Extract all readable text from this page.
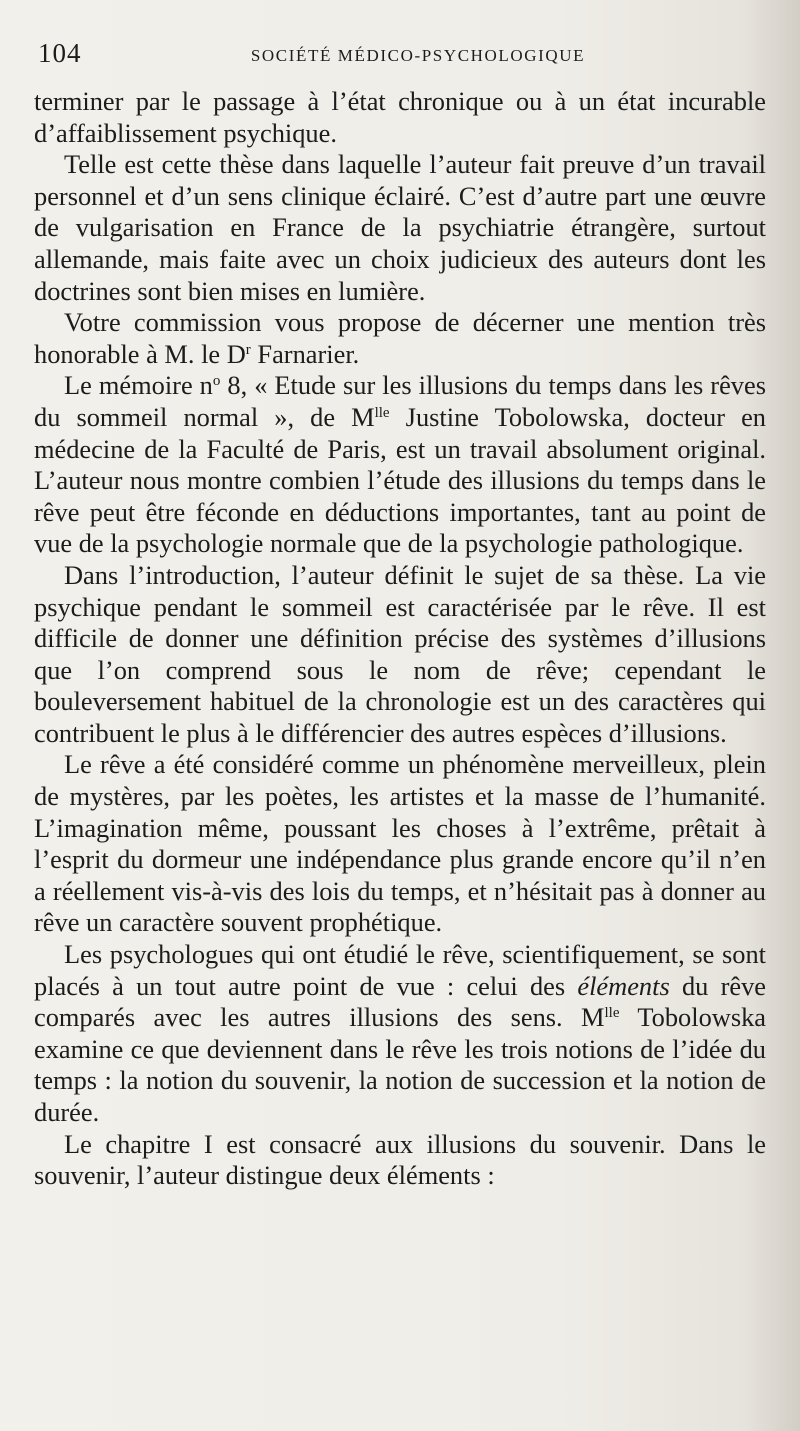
104	SOCIÉTÉ MÉDICO-PSYCHOLOGIQUE

terminer par le passage à l’état chronique ou à un état incurable d’affaiblissement psychique.

Telle est cette thèse dans laquelle l’auteur fait preuve d’un travail personnel et d’un sens clinique éclairé. C’est d’autre part une œuvre de vulgarisation en France de la psychiatrie étrangère, surtout allemande, mais faite avec un choix judicieux des auteurs dont les doctrines sont bien mises en lumière.

Votre commission vous propose de décerner une mention très honorable à M. le $D^r$ Farnarier.

Le mémoire $n^o$ 8, « Etude sur les illusions du temps dans les rêves du sommeil normal », de $M^{lle}$ Justine Tobolowska, docteur en médecine de la Faculté de Paris, est un travail absolument original. L’auteur nous montre combien l’étude des illusions du temps dans le rêve peut être féconde en déductions importantes, tant au point de vue de la psychologie normale que de la psychologie pathologique.

Dans l’introduction, l’auteur définit le sujet de sa thèse. La vie psychique pendant le sommeil est caractérisée par le rêve. Il est difficile de donner une définition précise des systèmes d’illusions que l’on comprend sous le nom de rêve; cependant le bouleversement habituel de la chronologie est un des caractères qui contribuent le plus à le différencier des autres espèces d’illusions.

Le rêve a été considéré comme un phénomène merveilleux, plein de mystères, par les poètes, les artistes et la masse de l’humanité. L’imagination même, poussant les choses à l’extrême, prêtait à l’esprit du dormeur une indépendance plus grande encore qu’il n’en a réellement vis-à-vis des lois du temps, et n’hésitait pas à donner au rêve un caractère souvent prophétique.

Les psychologues qui ont étudié le rêve, scientifiquement, se sont placés à un tout autre point de vue : celui des éléments du rêve comparés avec les autres illusions des sens. $M^{lle}$ Tobolowska examine ce que deviennent dans le rêve les trois notions de l’idée du temps : la notion du souvenir, la notion de succession et la notion de durée.

Le chapitre I est consacré aux illusions du souvenir. Dans le souvenir, l’auteur distingue deux éléments :
